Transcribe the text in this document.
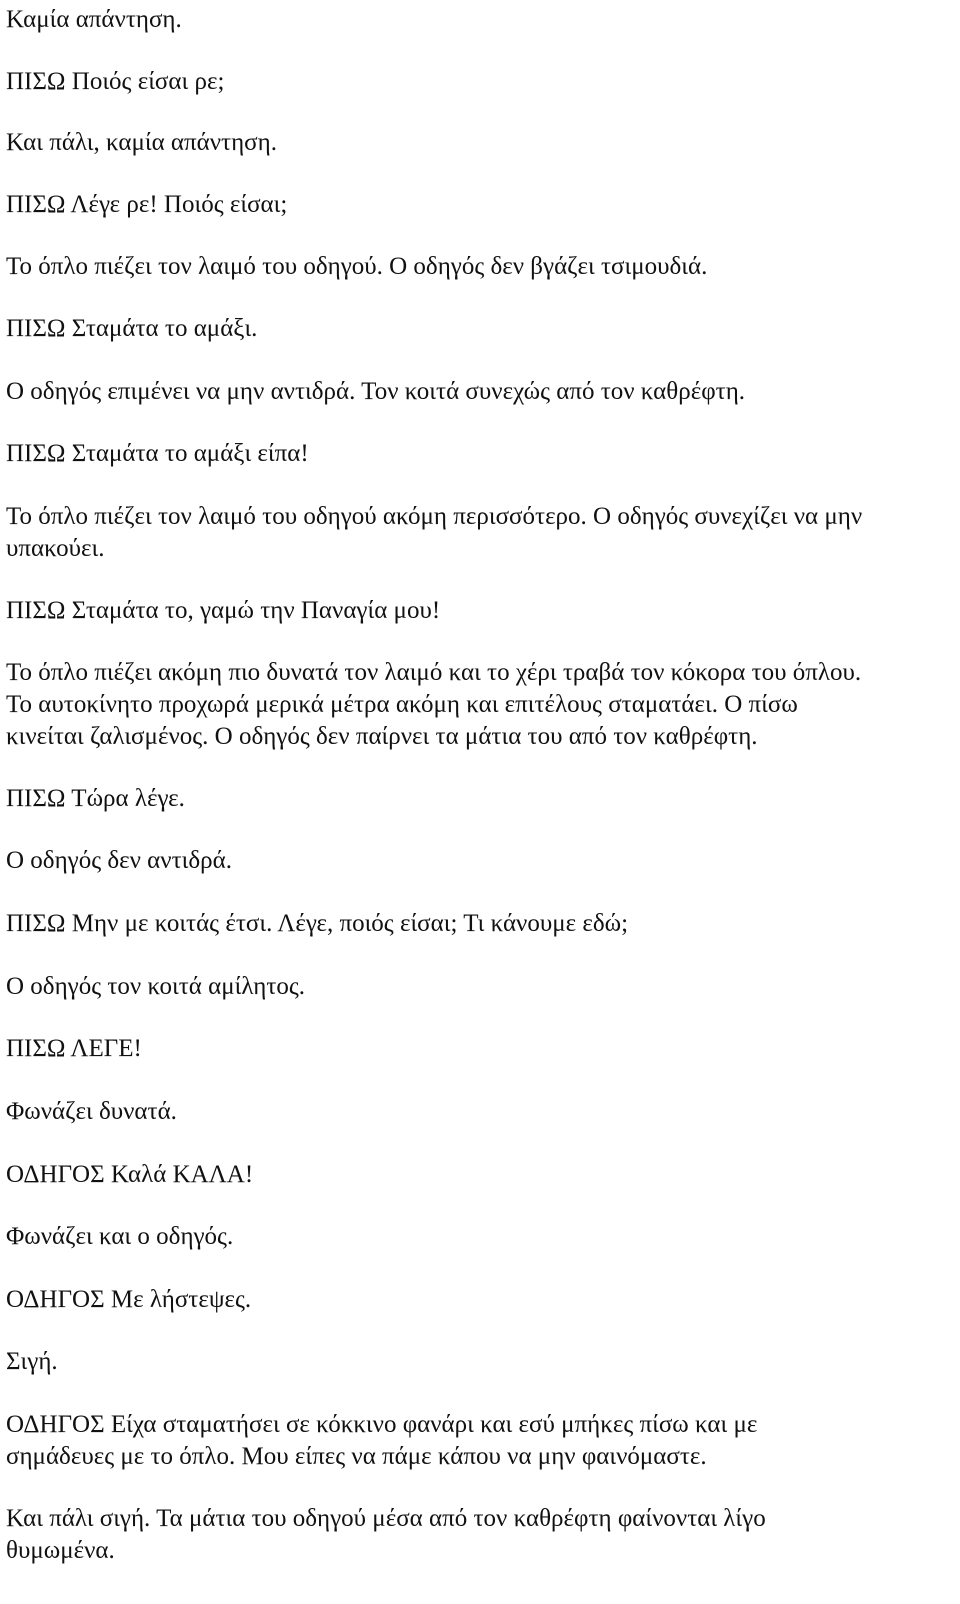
Καμία απάντηση.

ΠΙΣΩ Ποιός είσαι ρε;

Και πάλι, καμία απάντηση.

ΠΙΣΩ Λέγε ρε! Ποιός είσαι;

Το όπλο πιέζει τον λαιμό του οδηγού. Ο οδηγός δεν βγάζει τσιμουδιά.

ΠΙΣΩ Σταμάτα το αμάξι.

Ο οδηγός επιμένει να μην αντιδρά. Τον κοιτά συνεχώς από τον καθρέφτη.

ΠΙΣΩ Σταμάτα το αμάξι είπα!

Το όπλο πιέζει τον λαιμό του οδηγού ακόμη περισσότερο. Ο οδηγός συνεχίζει να μην
υπακούει.

ΠΙΣΩ Σταμάτα το, γαμώ την Παναγία μου!

Το όπλο πιέζει ακόμη πιο δυνατά τον λαιμό και το χέρι τραβά τον κόκορα του όπλου.
Το αυτοκίνητο προχωρά μερικά μέτρα ακόμη και επιτέλους σταματάει. Ο πίσω
κινείται ζαλισμένος. Ο οδηγός δεν παίρνει τα μάτια του από τον καθρέφτη.

ΠΙΣΩ Τώρα λέγε.

Ο οδηγός δεν αντιδρά.

ΠΙΣΩ Μην με κοιτάς έτσι. Λέγε, ποιός είσαι; Τι κάνουμε εδώ;

Ο οδηγός τον κοιτά αμίλητος.

ΠΙΣΩ ΛΕΓΕ!

Φωνάζει δυνατά.

ΟΔΗΓΟΣ Καλά ΚΑΛΑ!

Φωνάζει και ο οδηγός.

ΟΔΗΓΟΣ Με λήστεψες.

Σιγή.

ΟΔΗΓΟΣ Είχα σταματήσει σε κόκκινο φανάρι και εσύ μπήκες πίσω και με
σημάδευες με το όπλο. Μου είπες να πάμε κάπου να μην φαινόμαστε.

Και πάλι σιγή. Τα μάτια του οδηγού μέσα από τον καθρέφτη φαίνονται λίγο
θυμωμένα.
